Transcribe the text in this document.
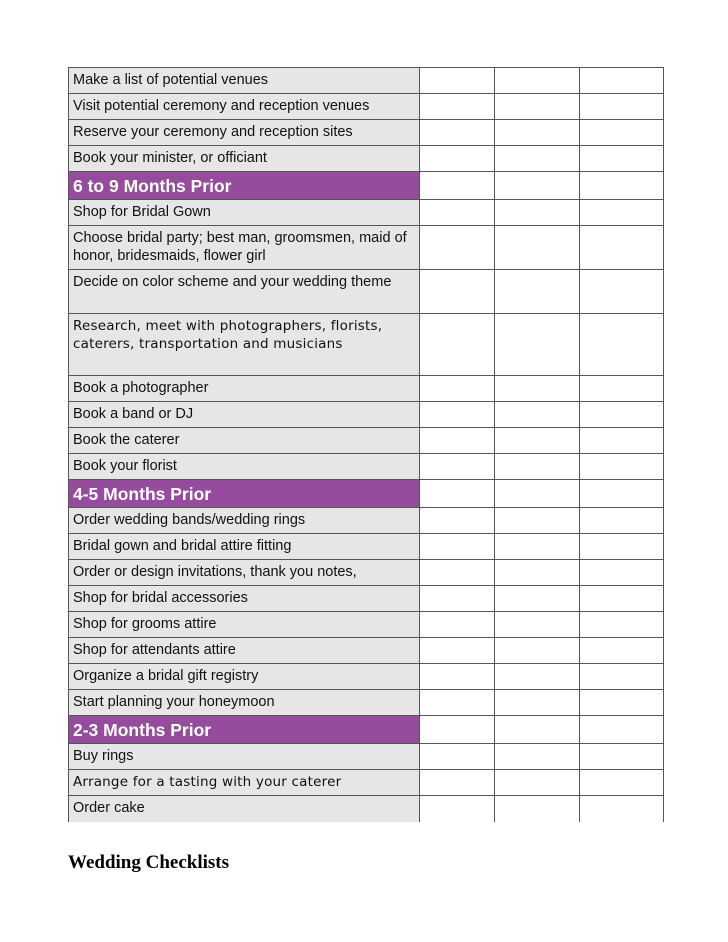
Make a list of potential venues			
Visit potential ceremony and reception venues			
Reserve your ceremony and reception sites			
Book your minister, or officiant			
6 to 9 Months Prior			
Shop for Bridal Gown			
Choose bridal party; best man, groomsmen, maid of honor, bridesmaids, flower girl			
Decide on color scheme and your wedding theme			
Research, meet with photographers, florists, caterers, transportation and musicians			
Book a photographer			
Book a band or DJ			
Book the caterer			
Book your florist			
4-5 Months Prior			
Order wedding bands/wedding rings			
Bridal gown and bridal attire fitting			
Order or design invitations, thank you notes,			
Shop for bridal accessories			
Shop for grooms attire			
Shop for attendants attire			
Organize a bridal gift registry			
Start planning your honeymoon			
2-3 Months Prior			
Buy rings			
Arrange for a tasting with your caterer			
Order cake			
Wedding Checklists
